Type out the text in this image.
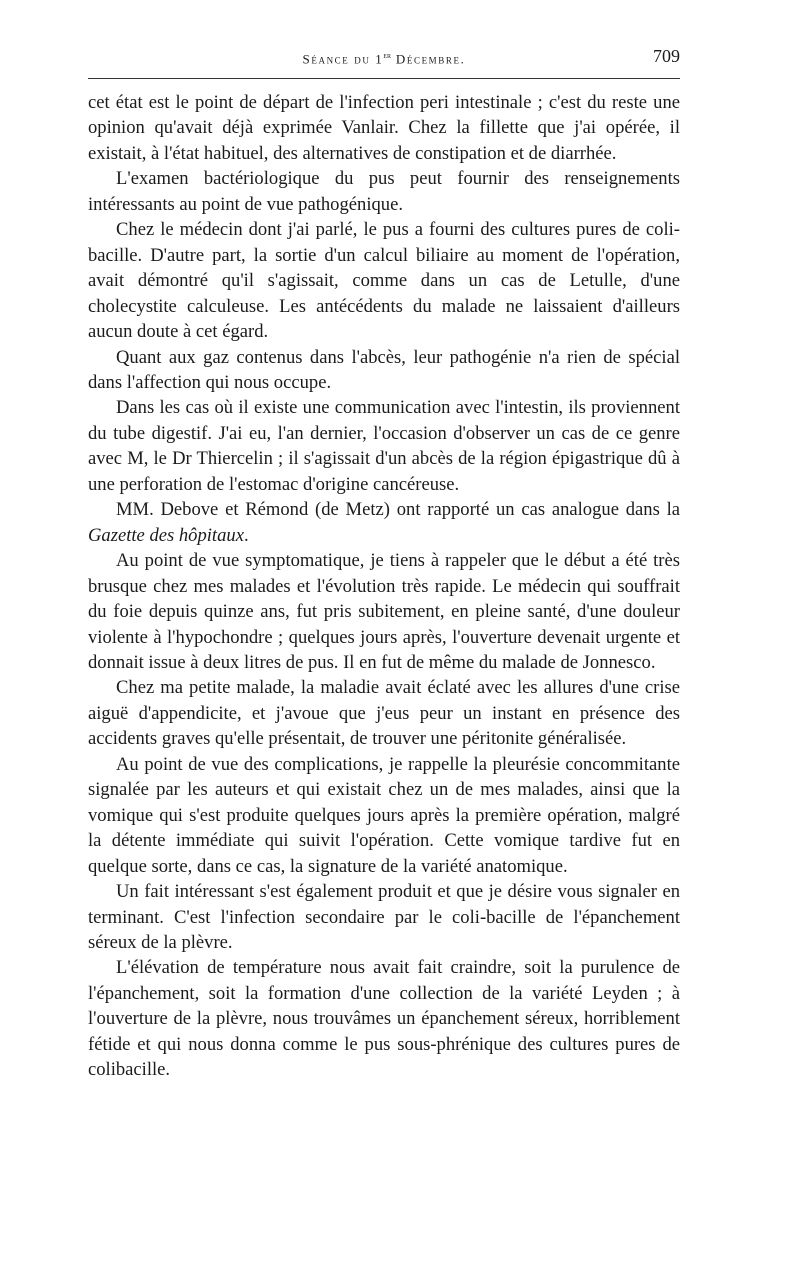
Séance du 1er Décembre.	709

cet état est le point de départ de l'infection peri intestinale ; c'est du reste une opinion qu'avait déjà exprimée Vanlair. Chez la fillette que j'ai opérée, il existait, à l'état habituel, des alternatives de constipation et de diarrhée.

L'examen bactériologique du pus peut fournir des renseignements intéressants au point de vue pathogénique.

Chez le médecin dont j'ai parlé, le pus a fourni des cultures pures de coli-bacille. D'autre part, la sortie d'un calcul biliaire au moment de l'opération, avait démontré qu'il s'agissait, comme dans un cas de Letulle, d'une cholecystite calculeuse. Les antécédents du malade ne laissaient d'ailleurs aucun doute à cet égard.

Quant aux gaz contenus dans l'abcès, leur pathogénie n'a rien de spécial dans l'affection qui nous occupe.

Dans les cas où il existe une communication avec l'intestin, ils proviennent du tube digestif. J'ai eu, l'an dernier, l'occasion d'observer un cas de ce genre avec M, le Dr Thiercelin ; il s'agissait d'un abcès de la région épigastrique dû à une perforation de l'estomac d'origine cancéreuse.

MM. Debove et Rémond (de Metz) ont rapporté un cas analogue dans la Gazette des hôpitaux.

Au point de vue symptomatique, je tiens à rappeler que le début a été très brusque chez mes malades et l'évolution très rapide. Le médecin qui souffrait du foie depuis quinze ans, fut pris subitement, en pleine santé, d'une douleur violente à l'hypochondre ; quelques jours après, l'ouverture devenait urgente et donnait issue à deux litres de pus. Il en fut de même du malade de Jonnesco.

Chez ma petite malade, la maladie avait éclaté avec les allures d'une crise aiguë d'appendicite, et j'avoue que j'eus peur un instant en présence des accidents graves qu'elle présentait, de trouver une péritonite généralisée.

Au point de vue des complications, je rappelle la pleurésie concommitante signalée par les auteurs et qui existait chez un de mes malades, ainsi que la vomique qui s'est produite quelques jours après la première opération, malgré la détente immédiate qui suivit l'opération. Cette vomique tardive fut en quelque sorte, dans ce cas, la signature de la variété anatomique.

Un fait intéressant s'est également produit et que je désire vous signaler en terminant. C'est l'infection secondaire par le coli-bacille de l'épanchement séreux de la plèvre.

L'élévation de température nous avait fait craindre, soit la purulence de l'épanchement, soit la formation d'une collection de la variété Leyden ; à l'ouverture de la plèvre, nous trouvâmes un épanchement séreux, horriblement fétide et qui nous donna comme le pus sous-phrénique des cultures pures de colibacille.
